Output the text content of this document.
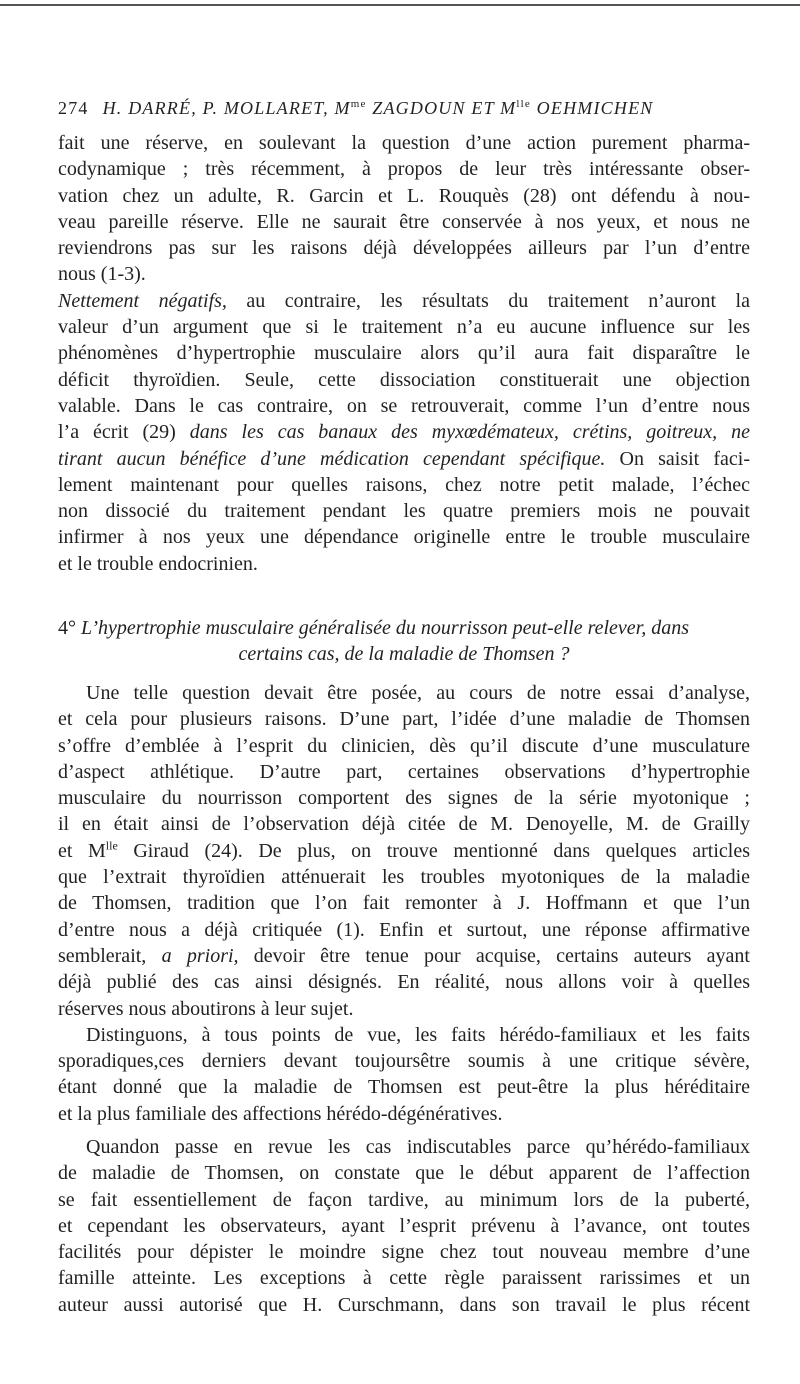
274 H. DARRÉ, P. MOLLARET, $M^{me}$ ZAGDOUN ET $M^{lle}$ OEHMICHEN
fait une réserve, en soulevant la question d’une action purement pharma-
codynamique ; très récemment, à propos de leur très intéressante obser-
vation chez un adulte, R. Garcin et L. Rouquès (28) ont défendu à nou-
veau pareille réserve. Elle ne saurait être conservée à nos yeux, et nous ne
reviendrons pas sur les raisons déjà développées ailleurs par l’un d’entre
nous (1-3).
Nettement négatifs, au contraire, les résultats du traitement n’auront la
valeur d’un argument que si le traitement n’a eu aucune influence sur les
phénomènes d’hypertrophie musculaire alors qu’il aura fait disparaître le
déficit thyroïdien. Seule, cette dissociation constituerait une objection
valable. Dans le cas contraire, on se retrouverait, comme l’un d’entre nous
l’a écrit (29) dans les cas banaux des myxœdémateux, crétins, goitreux, ne
tirant aucun bénéfice d’une médication cependant spécifique. On saisit faci-
lement maintenant pour quelles raisons, chez notre petit malade, l’échec
non dissocié du traitement pendant les quatre premiers mois ne pouvait
infirmer à nos yeux une dépendance originelle entre le trouble musculaire
et le trouble endocrinien.
4° L’hypertrophie musculaire généralisée du nourrisson peut-elle relever, dans
certains cas, de la maladie de Thomsen ?
Une telle question devait être posée, au cours de notre essai d’analyse,
et cela pour plusieurs raisons. D’une part, l’idée d’une maladie de Thomsen
s’offre d’emblée à l’esprit du clinicien, dès qu’il discute d’une musculature
d’aspect athlétique. D’autre part, certaines observations d’hypertrophie
musculaire du nourrisson comportent des signes de la série myotonique ;
il en était ainsi de l’observation déjà citée de M. Denoyelle, M. de Grailly
et $M^{lle}$ Giraud (24). De plus, on trouve mentionné dans quelques articles
que l’extrait thyroïdien atténuerait les troubles myotoniques de la maladie
de Thomsen, tradition que l’on fait remonter à J. Hoffmann et que l’un
d’entre nous a déjà critiquée (1). Enfin et surtout, une réponse affirmative
semblerait, a priori, devoir être tenue pour acquise, certains auteurs ayant
déjà publié des cas ainsi désignés. En réalité, nous allons voir à quelles
réserves nous aboutirons à leur sujet.
Distinguons, à tous points de vue, les faits hérédo-familiaux et les faits
sporadiques,ces derniers devant toujoursêtre soumis à une critique sévère,
étant donné que la maladie de Thomsen est peut-être la plus héréditaire
et la plus familiale des affections hérédo-dégénératives.
Quandon passe en revue les cas indiscutables parce qu’hérédo-familiaux
de maladie de Thomsen, on constate que le début apparent de l’affection
se fait essentiellement de façon tardive, au minimum lors de la puberté,
et cependant les observateurs, ayant l’esprit prévenu à l’avance, ont toutes
facilités pour dépister le moindre signe chez tout nouveau membre d’une
famille atteinte. Les exceptions à cette règle paraissent rarissimes et un
auteur aussi autorisé que H. Curschmann, dans son travail le plus récent
